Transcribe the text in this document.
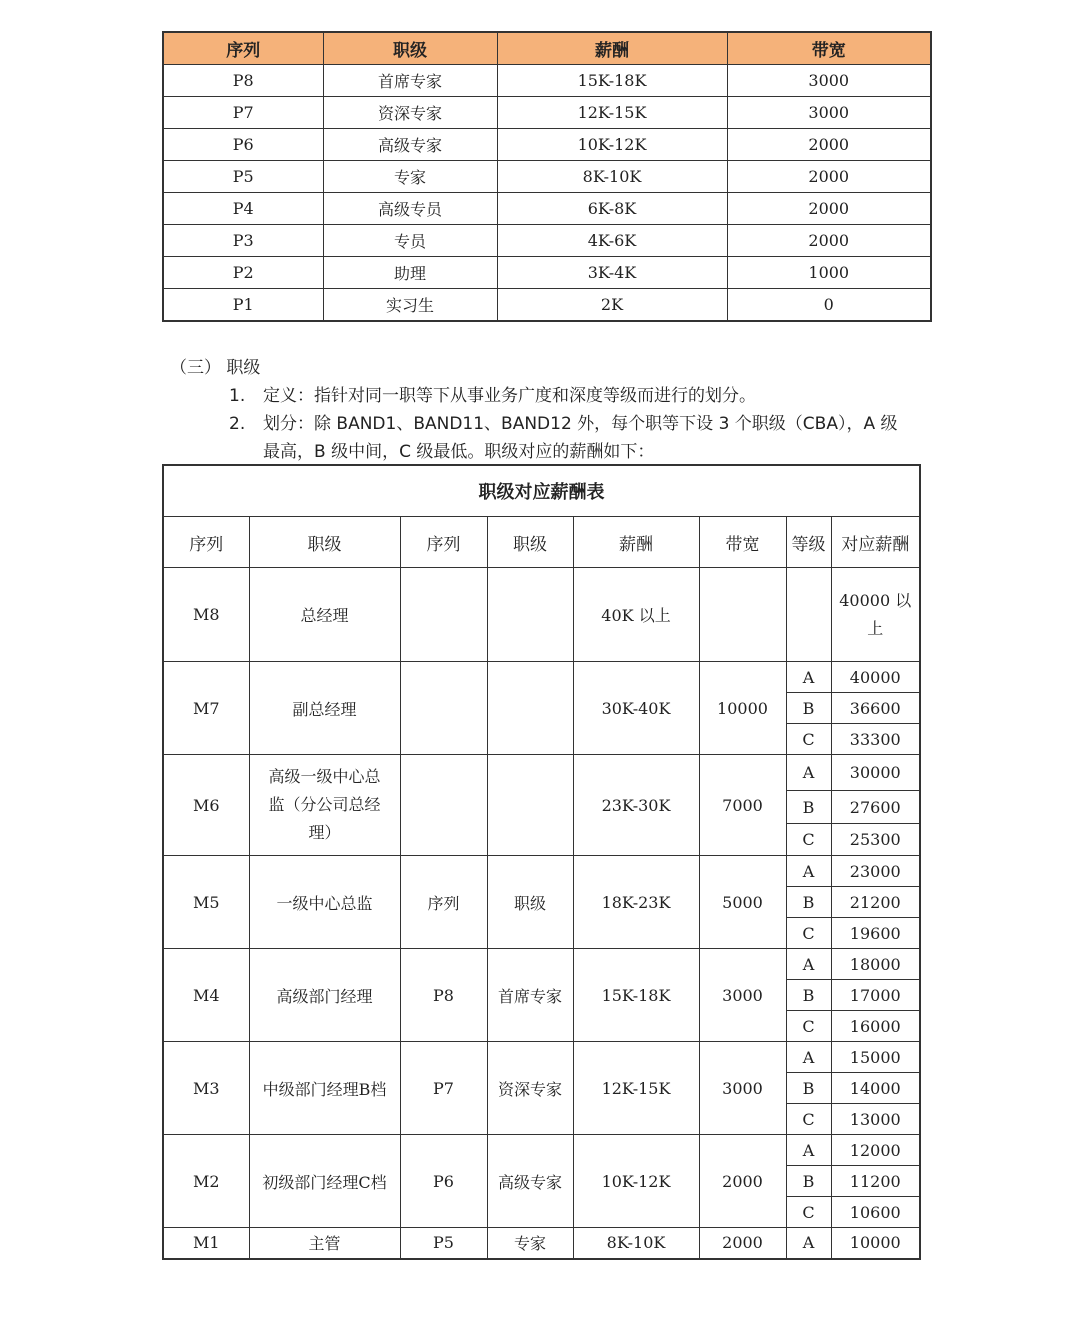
序列	职级	薪酬	带宽
P8	首席专家	15K-18K	3000
P7	资深专家	12K-15K	3000
P6	高级专家	10K-12K	2000
P5	专家	8K-10K	2000
P4	高级专员	6K-8K	2000
P3	专员	4K-6K	2000
P2	助理	3K-4K	1000
P1	实习生	2K	0
（三） 职级
1. 定义：指针对同一职等下从事业务广度和深度等级而进行的划分。
2. 划分：除 BAND1、BAND11、BAND12 外，每个职等下设 3 个职级（CBA），A 级
最高，B 级中间，C 级最低。职级对应的薪酬如下：
职级对应薪酬表							
序列	职级	序列	职级	薪酬	带宽	等级	对应薪酬
M8	总经理			40K 以上			40000 以
上
M7	副总经理			30K-40K	10000	A	40000
						B	36600
						C	33300
M6	高级一级中心总
监（分公司总经
理）			23K-30K	7000	A	30000
						B	27600
						C	25300
M5	一级中心总监	序列	职级	18K-23K	5000	A	23000
						B	21200
						C	19600
M4	高级部门经理	P8	首席专家	15K-18K	3000	A	18000
						B	17000
						C	16000
M3	中级部门经理B档	P7	资深专家	12K-15K	3000	A	15000
						B	14000
						C	13000
M2	初级部门经理C档	P6	高级专家	10K-12K	2000	A	12000
						B	11200
						C	10600
M1	主管	P5	专家	8K-10K	2000	A	10000
